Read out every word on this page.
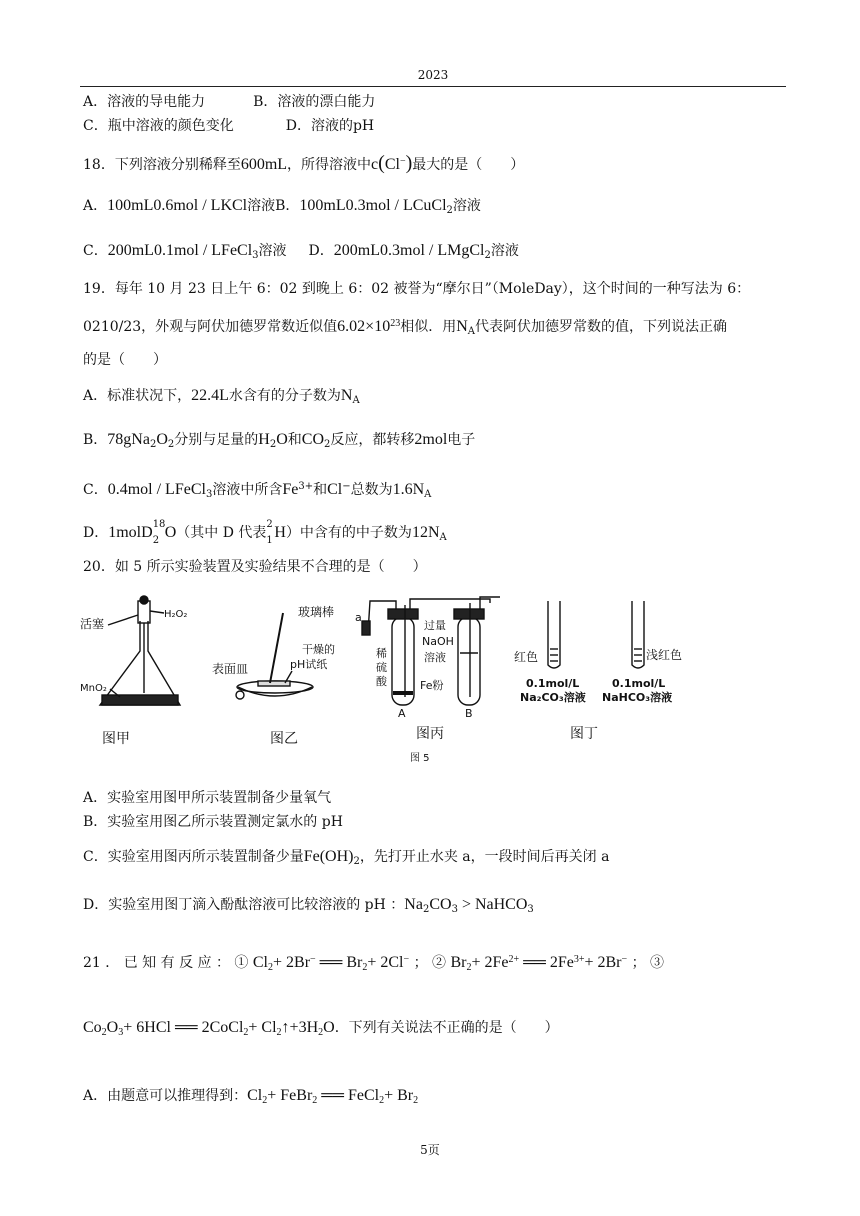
2023
A．溶液的导电能力	B．溶液的漂白能力
C．瓶中溶液的颜色变化	D．溶液的pH
18．下列溶液分别稀释至600mL，所得溶液中c(Cl−)最大的是（　　）
A．100mL0.6mol / LKCl溶液B．100mL0.3mol / LCuCl$_2$溶液
C．200mL0.1mol / LFeCl$_3$溶液 D．200mL0.3mol / LMgCl$_2$溶液
19．每年 10 月 23 日上午 6：02 到晚上 6：02 被誉为“摩尔日”（MoleDay），这个时间的一种写法为 6：
0210/23，外观与阿伏加德罗常数近似值$6.02\times 10^{23}$相似．用$N_A$代表阿伏加德罗常数的值，下列说法正确
的是（　　）
A．标准状况下，22.4L水含有的分子数为$N_A$
B．$78gNa_2O_2$分别与足量的$H_2O$和$CO_2$反应，都转移2mol电子
C．0.4mol / LFeCl$_3$溶液中所含$Fe^{3+}$和Cl−总数为$1.6N_A$
D．1molD 18
2 O（其中 D 代表
2
1 H）中含有的中子数为$12N_A$
20．如 5 所示实验装置及实验结果不合理的是（　　）
活塞
H₂O₂
MnO₂
图甲
玻璃棒
干燥的
pH试纸
表面皿
图乙
a
过量
NaOH
溶液
稀
硫
酸	Fe粉
A	B
图丙
图 5
红色	浅红色
0.1mol/L
Na₂CO₃溶液
0.1mol/L
NaHCO₃溶液
图丁
A．实验室用图甲所示装置制备少量氧气
B．实验室用图乙所示装置测定氯水的 pH
C．实验室用图丙所示装置制备少量$Fe(OH)_2$，先打开止水夹 a，一段时间后再关闭 a
D．实验室用图丁滴入酚酞溶液可比较溶液的 pH ：$Na_2CO_3$ > NaHCO$_3$
21 ． 已 知 有 反 应 ： ① $Cl_2+ 2Br^-$ ══ $Br_2+ 2Cl^-$ ； ② $Br_2+ 2Fe^{2+}$ ══ $2Fe^{3+}+ 2Br^-$ ； ③
$Co_2O_3+ 6HCl$ ══ 2CoCl$_2$+ $Cl_2↑+3H_2O$．下列有关说法不正确的是（　　）
A．由题意可以推理得到：$Cl_2+$ FeBr$_2$ ══ FeCl$_2$+ $Br_2$
5页
